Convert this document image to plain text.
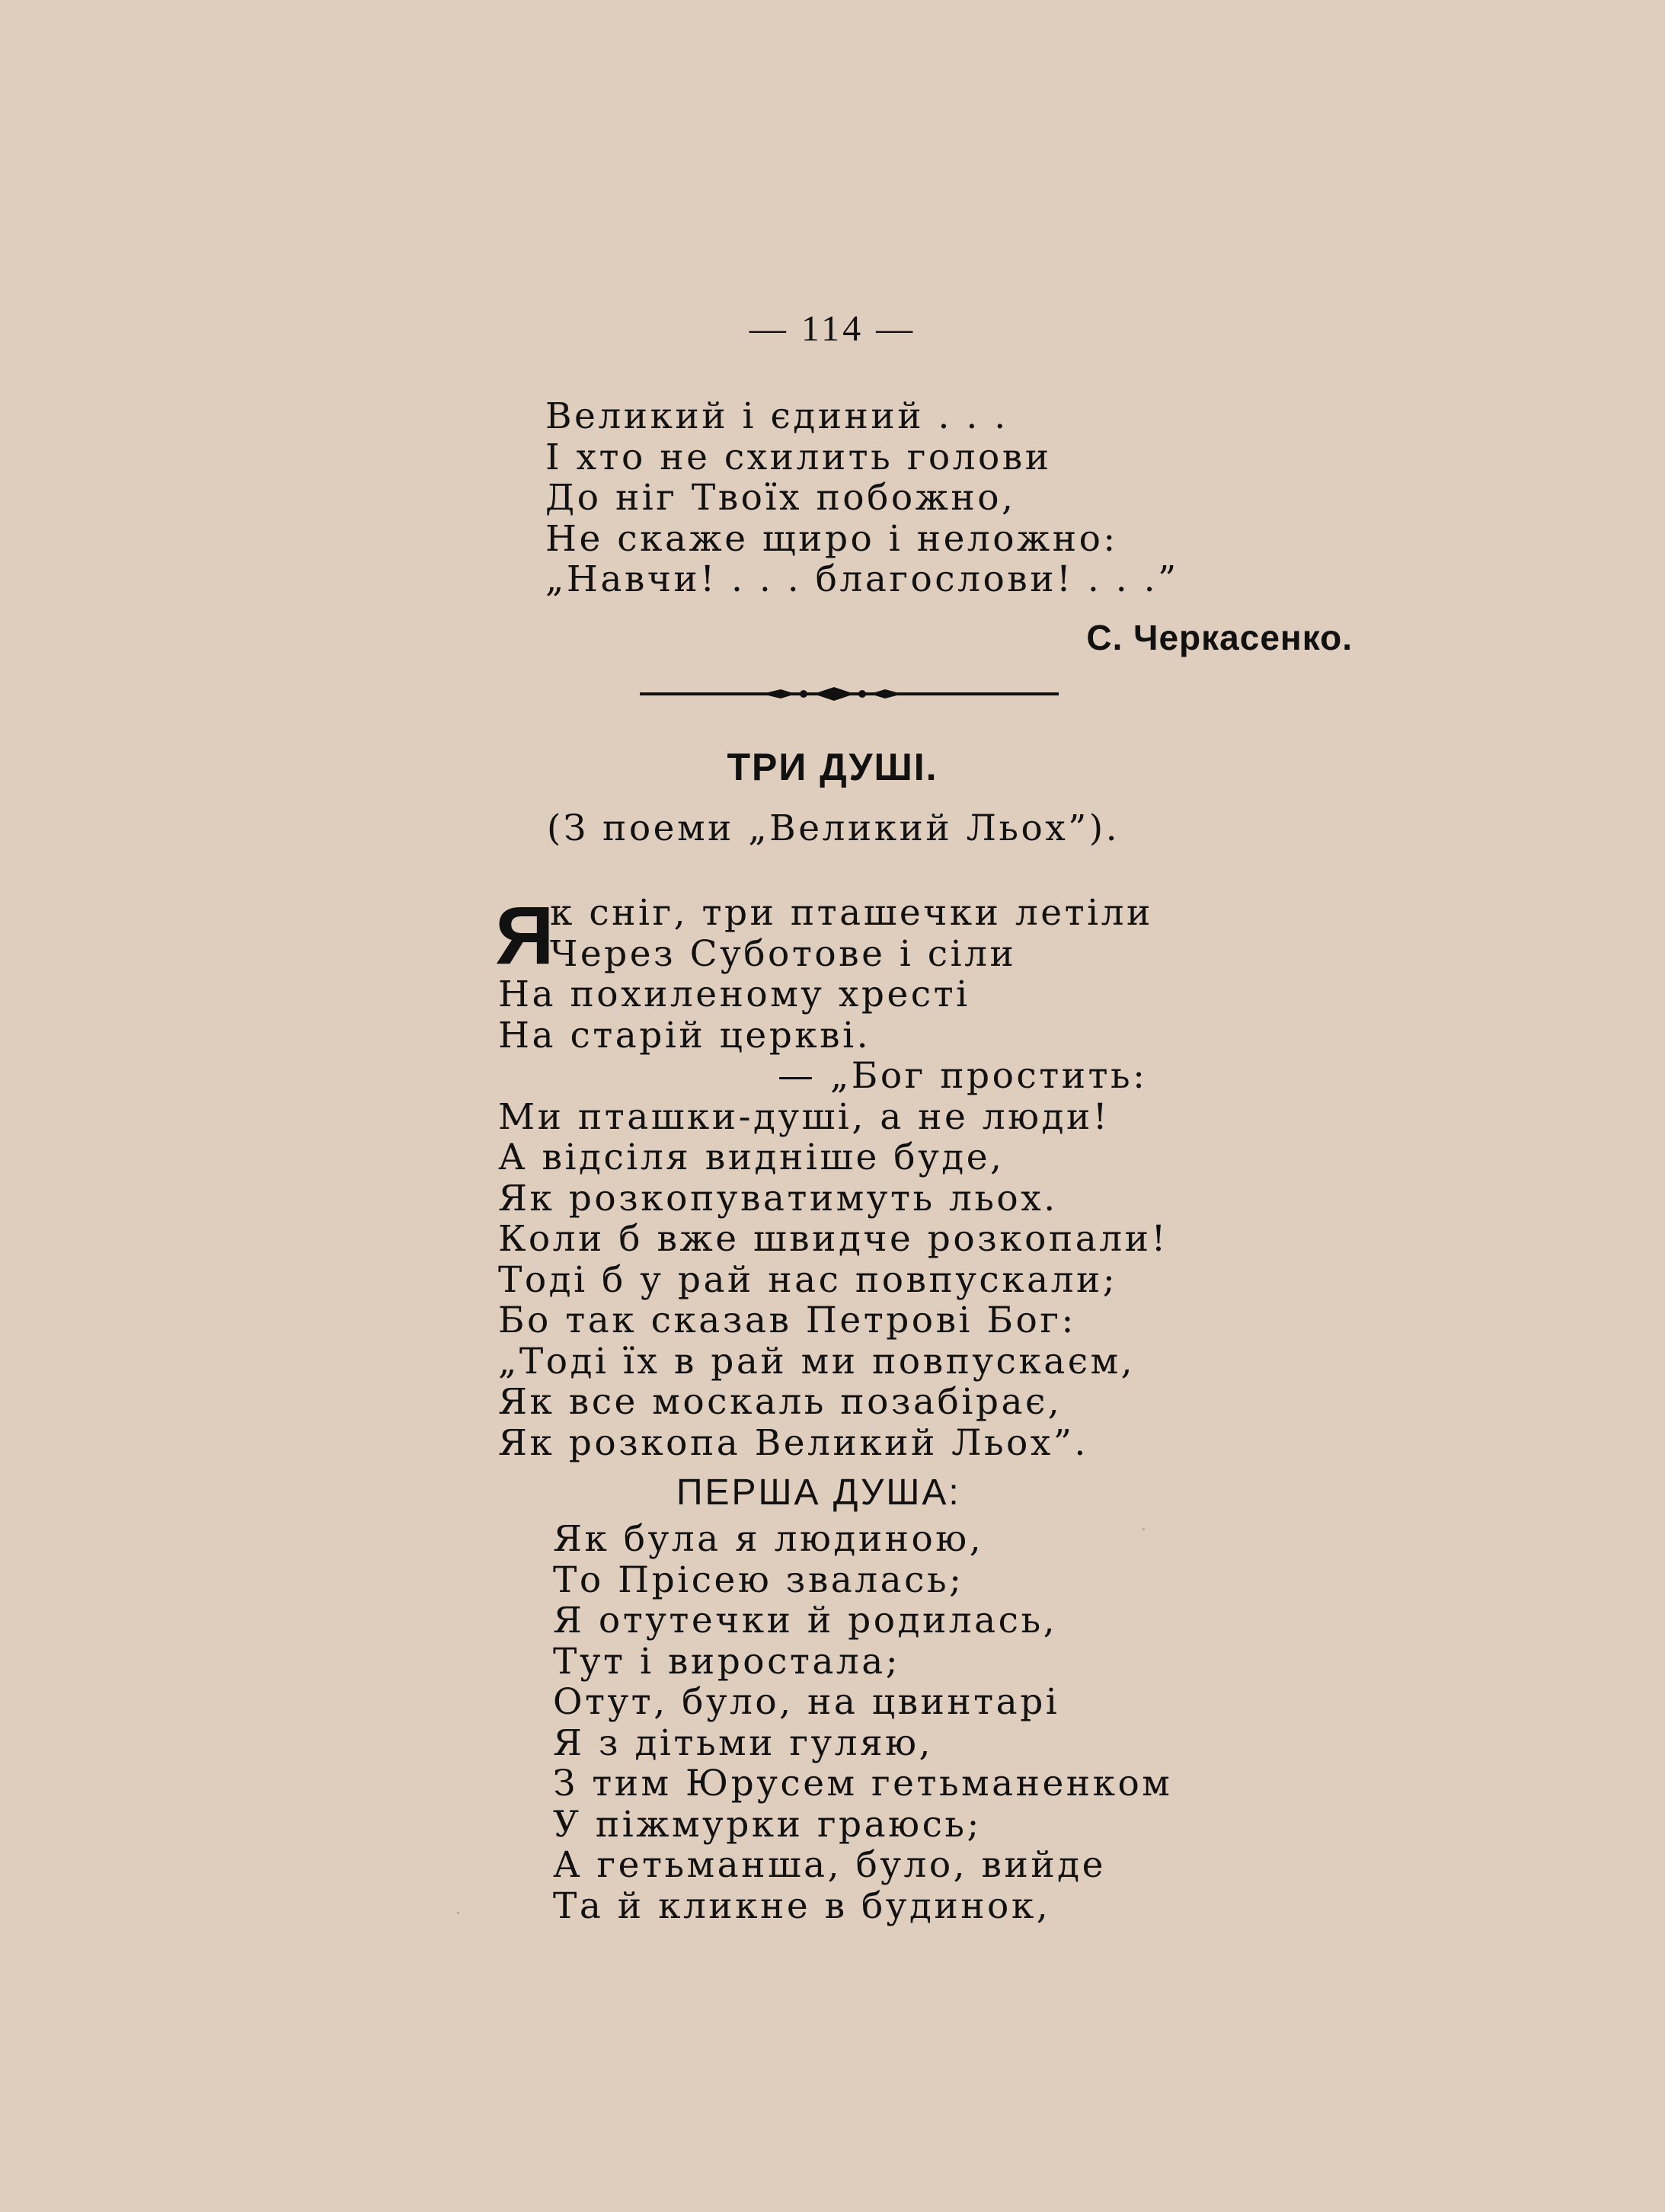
— 114 —
Великий і єдиний . . .
І хто не схилить голови
До ніг Твоїх побожно,
Не скаже щиро і неложно:
„Навчи! . . . благослови! . . .”
С. Черкасенко.
ТРИ ДУШІ.
(З поеми „Великий Льох”).
Я
к сніг, три пташечки летіли
Через Суботове і сіли
На похиленому хресті
На старій церкві.
— „Бог простить:
Ми пташки-душі, а не люди!
А відсіля видніше буде,
Як розкопуватимуть льох.
Коли б вже швидче розкопали!
Тоді б у рай нас повпускали;
Бо так сказав Петрові Бог:
„Тоді їх в рай ми повпускаєм,
Як все москаль позабірає,
Як розкопа Великий Льох”.
ПЕРША ДУША:
Як була я людиною,
То Прісею звалась;
Я отутечки й родилась,
Тут і виростала;
Отут, було, на цвинтарі
Я з дітьми гуляю,
З тим Юрусем гетьманенком
У піжмурки граюсь;
А гетьманша, було, вийде
Та й кликне в будинок,
